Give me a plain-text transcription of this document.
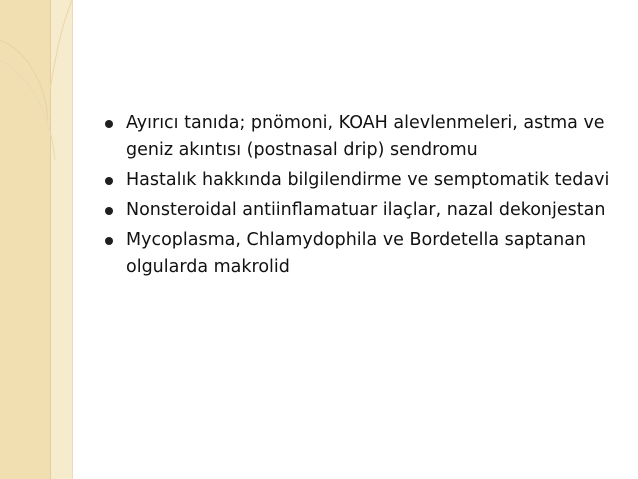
Ayırıcı tanıda; pnömoni, KOAH alevlenmeleri, astma ve geniz akıntısı (postnasal drip) sendromu
Hastalık hakkında bilgilendirme ve semptomatik tedavi
Nonsteroidal antiinflamatuar ilaçlar, nazal dekonjestan
Mycoplasma, Chlamydophila ve Bordetella saptanan olgularda makrolid
